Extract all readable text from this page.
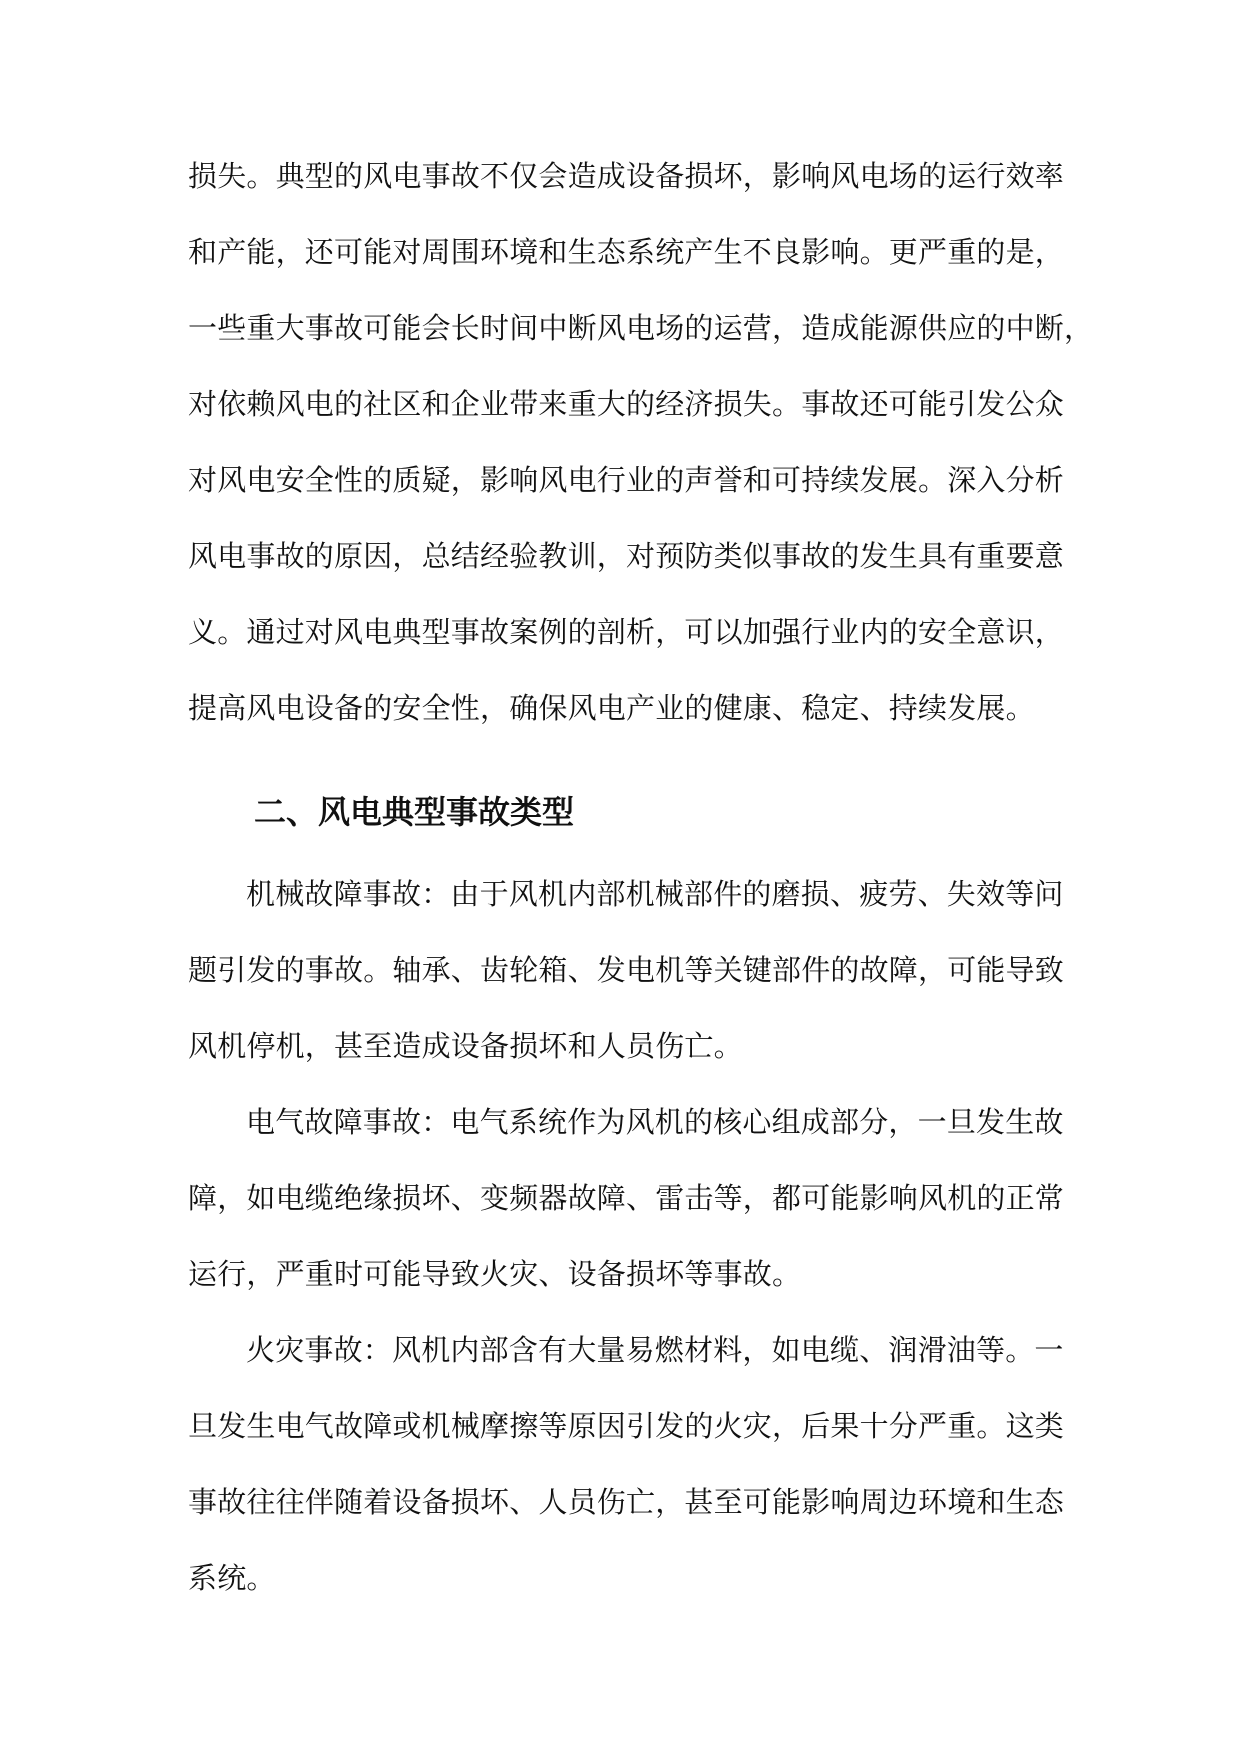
损失。典型的风电事故不仅会造成设备损坏，影响风电场的运行效率
和产能，还可能对周围环境和生态系统产生不良影响。更严重的是，
一些重大事故可能会长时间中断风电场的运营，造成能源供应的中断，
对依赖风电的社区和企业带来重大的经济损失。事故还可能引发公众
对风电安全性的质疑，影响风电行业的声誉和可持续发展。深入分析
风电事故的原因，总结经验教训，对预防类似事故的发生具有重要意
义。通过对风电典型事故案例的剖析，可以加强行业内的安全意识，
提高风电设备的安全性，确保风电产业的健康、稳定、持续发展。
二、风电典型事故类型
机械故障事故：由于风机内部机械部件的磨损、疲劳、失效等问
题引发的事故。轴承、齿轮箱、发电机等关键部件的故障，可能导致
风机停机，甚至造成设备损坏和人员伤亡。
电气故障事故：电气系统作为风机的核心组成部分，一旦发生故
障，如电缆绝缘损坏、变频器故障、雷击等，都可能影响风机的正常
运行，严重时可能导致火灾、设备损坏等事故。
火灾事故：风机内部含有大量易燃材料，如电缆、润滑油等。一
旦发生电气故障或机械摩擦等原因引发的火灾，后果十分严重。这类
事故往往伴随着设备损坏、人员伤亡，甚至可能影响周边环境和生态
系统。
